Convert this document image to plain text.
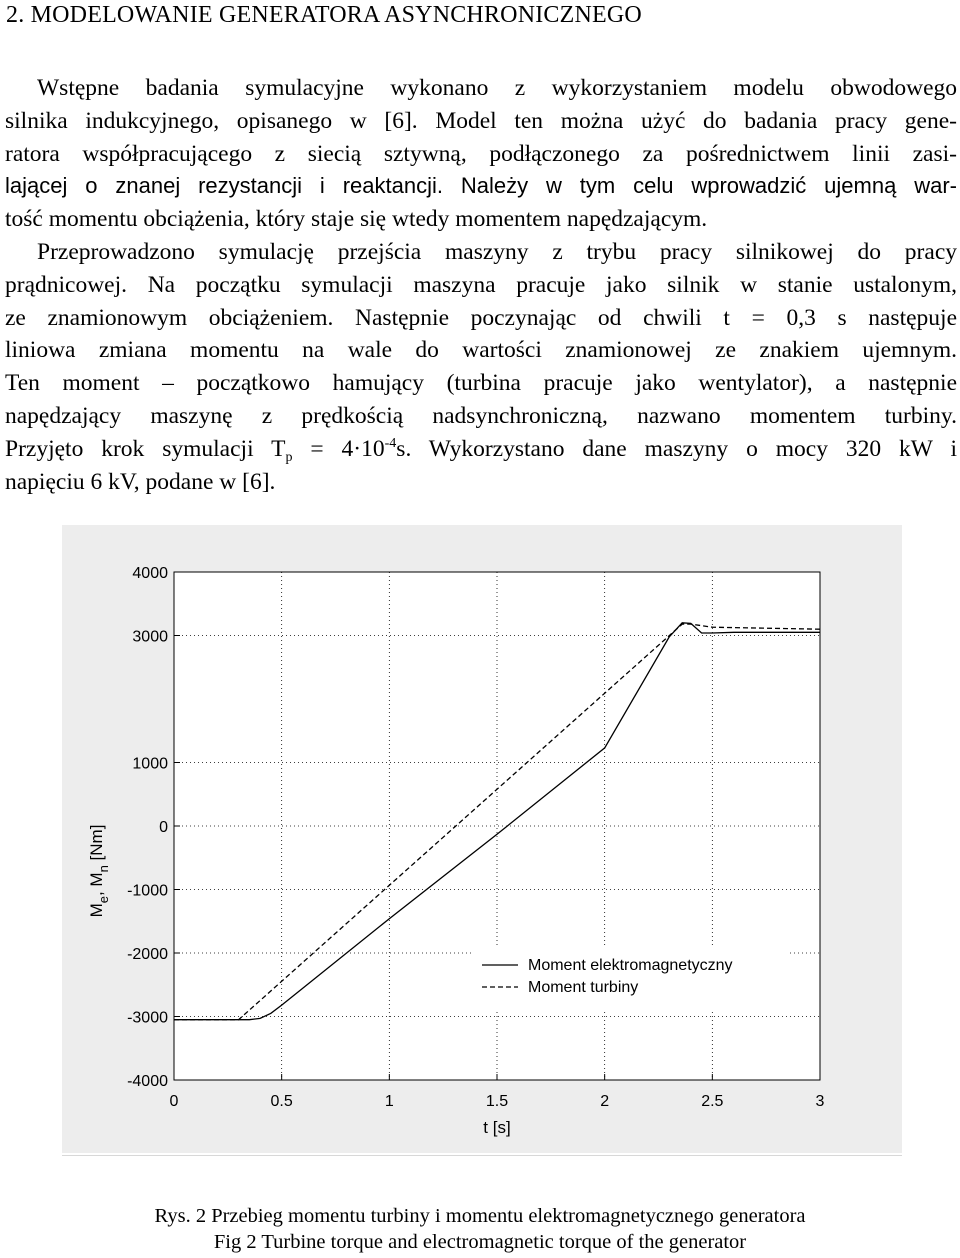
2. MODELOWANIE GENERATORA ASYNCHRONICZNEGO
Wstępne badania symulacyjne wykonano z wykorzystaniem modelu obwodowego
silnika indukcyjnego, opisanego w [6]. Model ten można użyć do badania pracy gene-
ratora współpracującego z siecią sztywną, podłączonego za pośrednictwem linii zasi-
lającej o znanej rezystancji i reaktancji. Należy w tym celu wprowadzić ujemną war-
tość momentu obciążenia, który staje się wtedy momentem napędzającym.
Przeprowadzono symulację przejścia maszyny z trybu pracy silnikowej do pracy
prądnicowej. Na początku symulacji maszyna pracuje jako silnik w stanie ustalonym,
ze znamionowym obciążeniem. Następnie poczynając od chwili t = 0,3 s następuje
liniowa zmiana momentu na wale do wartości znamionowej ze znakiem ujemnym.
Ten moment – początkowo hamujący (turbina pracuje jako wentylator), a następnie
napędzający maszynę z prędkością nadsynchroniczną, nazwano momentem turbiny.
Przyjęto krok symulacji $T_p = 4\cdot 10^{-4}s$. Wykorzystano dane maszyny o mocy 320 kW i
napięciu 6 kV, podane w [6].
0	0.5	1	1.5	2	2.5	3
4000
3000
1000
0
-1000
-2000
-3000
-4000
Moment elektromagnetyczny
Moment turbiny
t [s]
$M_e$, $M_n$ [Nm]
Rys. 2 Przebieg momentu turbiny i momentu elektromagnetycznego generatora
Fig 2 Turbine torque and electromagnetic torque of the generator
